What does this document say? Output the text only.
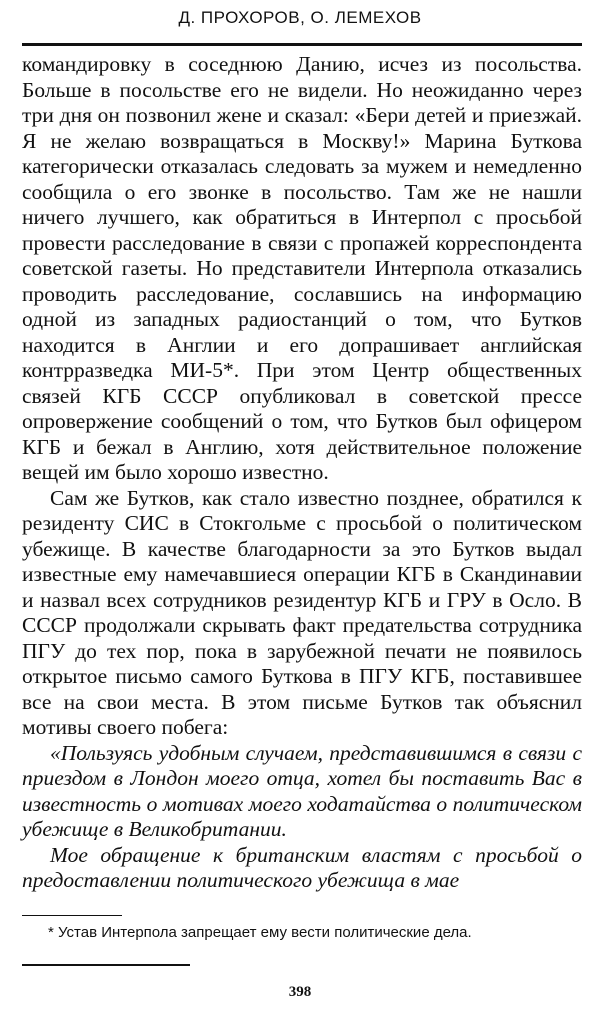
Д. ПРОХОРОВ, О. ЛЕМЕХОВ

командировку в соседнюю Данию, исчез из посольства. Больше в посольстве его не видели. Но неожиданно через три дня он позвонил жене и сказал: «Бери детей и приезжай. Я не желаю возвращаться в Москву!» Марина Буткова категорически отказалась следовать за мужем и немедленно сообщила о его звонке в посольство. Там же не нашли ничего лучшего, как обратиться в Интерпол с просьбой провести расследование в связи с пропажей корреспондента советской газеты. Но представители Интерпола отказались проводить расследование, сославшись на информацию одной из западных радиостанций о том, что Бутков находится в Англии и его допрашивает английская контрразведка МИ-5*. При этом Центр общественных связей КГБ СССР опубликовал в советской прессе опровержение сообщений о том, что Бутков был офицером КГБ и бежал в Англию, хотя действительное положение вещей им было хорошо известно.

Сам же Бутков, как стало известно позднее, обратился к резиденту СИС в Стокгольме с просьбой о политическом убежище. В качестве благодарности за это Бутков выдал известные ему намечавшиеся операции КГБ в Скандинавии и назвал всех сотрудников резидентур КГБ и ГРУ в Осло. В СССР продолжали скрывать факт предательства сотрудника ПГУ до тех пор, пока в зарубежной печати не появилось открытое письмо самого Буткова в ПГУ КГБ, поставившее все на свои места. В этом письме Бутков так объяснил мотивы своего побега:

«Пользуясь удобным случаем, представившимся в связи с приездом в Лондон моего отца, хотел бы поставить Вас в известность о мотивах моего ходатайства о политическом убежище в Великобритании.

Мое обращение к британским властям с просьбой о предоставлении политического убежища в мае

* Устав Интерпола запрещает ему вести политические дела.
398
